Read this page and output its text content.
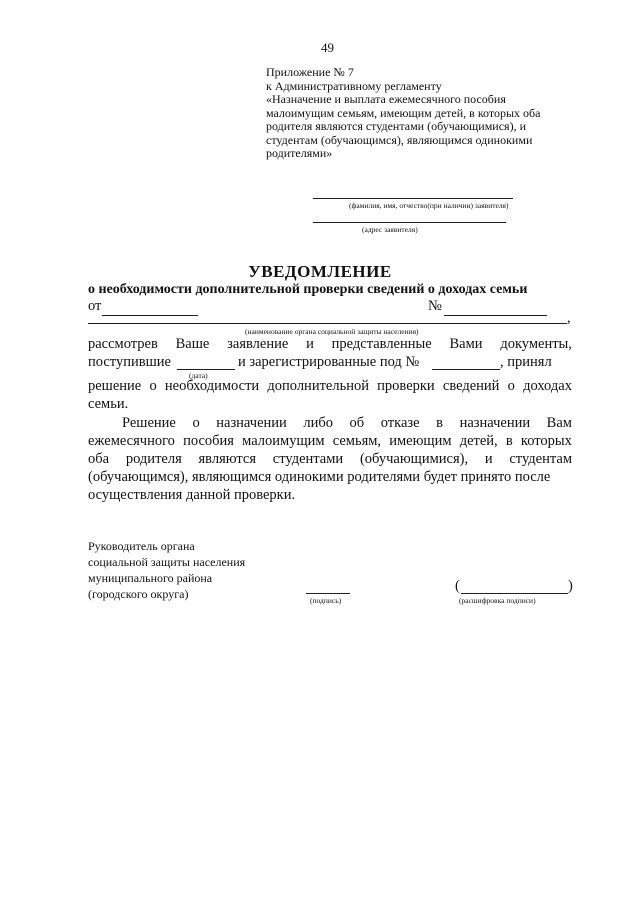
49
Приложение № 7
к Административному регламенту
«Назначение и выплата ежемесячного пособия
малоимущим семьям, имеющим детей, в которых оба
родителя являются студентами (обучающимися), и
студентам (обучающимся), являющимся одинокими
родителями»
(фамилия, имя, отчество(при наличии) заявителя)
(адрес заявителя)
УВЕДОМЛЕНИЕ
о необходимости дополнительной проверки сведений о доходах семьи
от	№
,
(наименование органа социальной защиты населения)
рассмотрев Ваше заявление и представленные Вами документы,
поступившие
(дата)
и зарегистрированные под №	, принял
решение о необходимости дополнительной проверки сведений о доходах
семьи.
Решение о назначении либо об отказе в назначении Вам
ежемесячного пособия малоимущим семьям, имеющим детей, в которых
оба родителя являются студентами (обучающимися), и студентам
(обучающимся), являющимся одинокими родителями будет принято после
осуществления данной проверки.
Руководитель органа
социальной защиты населения
муниципального района
(городского округа)	(подпись)
(	)
(расшифровка подписи)
